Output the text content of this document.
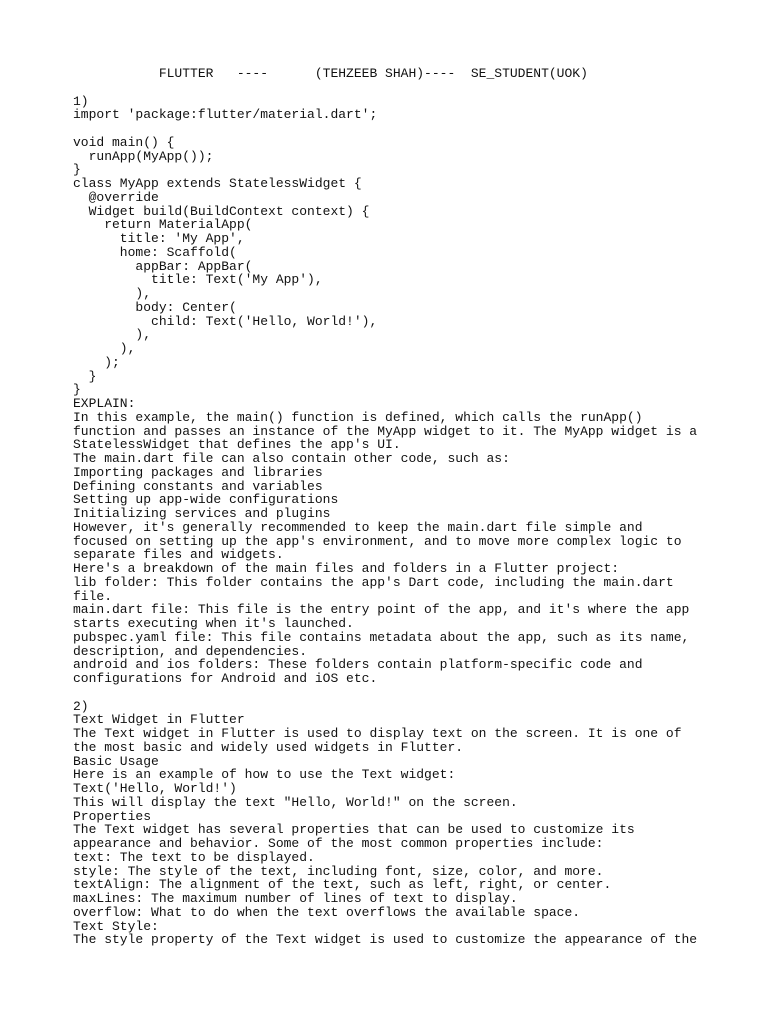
FLUTTER   ----      (TEHZEEB SHAH)----  SE_STUDENT(UOK)
1)
import 'package:flutter/material.dart';
void main() {
runApp(MyApp());
}
class MyApp extends StatelessWidget {
@override
Widget build(BuildContext context) {
return MaterialApp(
title: 'My App',
home: Scaffold(
appBar: AppBar(
title: Text('My App'),
),
body: Center(
child: Text('Hello, World!'),
),
),
);
}
}
EXPLAIN:
In this example, the main() function is defined, which calls the runApp()
function and passes an instance of the MyApp widget to it. The MyApp widget is a
StatelessWidget that defines the app's UI.
The main.dart file can also contain other code, such as:
Importing packages and libraries
Defining constants and variables
Setting up app-wide configurations
Initializing services and plugins
However, it's generally recommended to keep the main.dart file simple and
focused on setting up the app's environment, and to move more complex logic to
separate files and widgets.
Here's a breakdown of the main files and folders in a Flutter project:
lib folder: This folder contains the app's Dart code, including the main.dart
file.
main.dart file: This file is the entry point of the app, and it's where the app
starts executing when it's launched.
pubspec.yaml file: This file contains metadata about the app, such as its name,
description, and dependencies.
android and ios folders: These folders contain platform-specific code and
configurations for Android and iOS etc.
2)
Text Widget in Flutter
The Text widget in Flutter is used to display text on the screen. It is one of
the most basic and widely used widgets in Flutter.
Basic Usage
Here is an example of how to use the Text widget:
Text('Hello, World!')
This will display the text "Hello, World!" on the screen.
Properties
The Text widget has several properties that can be used to customize its
appearance and behavior. Some of the most common properties include:
text: The text to be displayed.
style: The style of the text, including font, size, color, and more.
textAlign: The alignment of the text, such as left, right, or center.
maxLines: The maximum number of lines of text to display.
overflow: What to do when the text overflows the available space.
Text Style:
The style property of the Text widget is used to customize the appearance of the
